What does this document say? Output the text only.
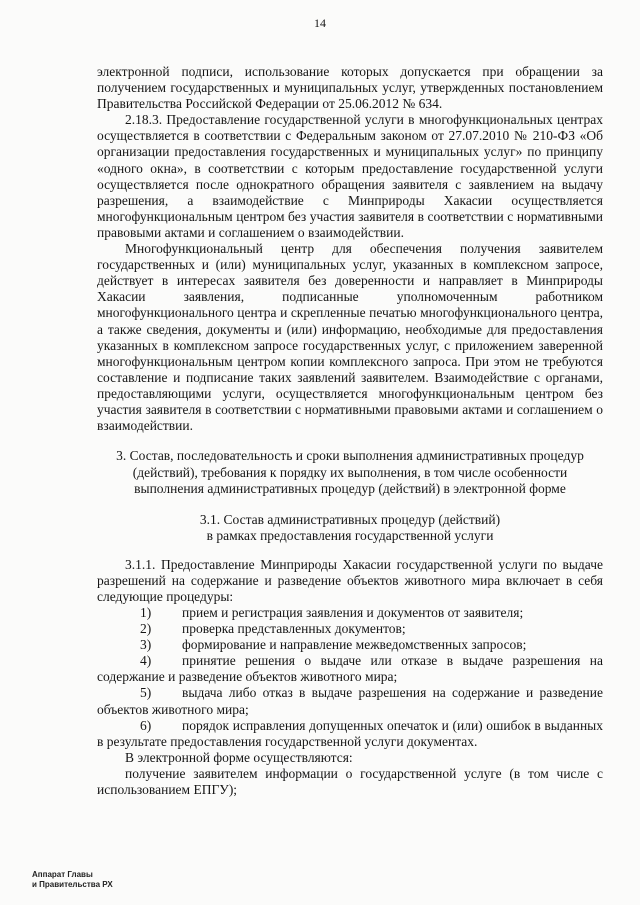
14

электронной подписи, использование которых допускается при обращении за получением государственных и муниципальных услуг, утвержденных постановлением Правительства Российской Федерации от 25.06.2012 № 634.

2.18.3. Предоставление государственной услуги в многофункциональных центрах осуществляется в соответствии с Федеральным законом от 27.07.2010 № 210-ФЗ «Об организации предоставления государственных и муниципальных услуг» по принципу «одного окна», в соответствии с которым предоставление государственной услуги осуществляется после однократного обращения заявителя с заявлением на выдачу разрешения, а взаимодействие с Минприроды Хакасии осуществляется многофункциональным центром без участия заявителя в соответствии с нормативными правовыми актами и соглашением о взаимодействии.

Многофункциональный центр для обеспечения получения заявителем государственных и (или) муниципальных услуг, указанных в комплексном запросе, действует в интересах заявителя без доверенности и направляет в Минприроды Хакасии заявления, подписанные уполномоченным работником многофункционального центра и скрепленные печатью многофункционального центра, а также сведения, документы и (или) информацию, необходимые для предоставления указанных в комплексном запросе государственных услуг, с приложением заверенной многофункциональным центром копии комплексного запроса. При этом не требуются составление и подписание таких заявлений заявителем. Взаимодействие с органами, предоставляющими услуги, осуществляется многофункциональным центром без участия заявителя в соответствии с нормативными правовыми актами и соглашением о взаимодействии.

3. Состав, последовательность и сроки выполнения административных процедур
(действий), требования к порядку их выполнения, в том числе особенности
выполнения административных процедур (действий) в электронной форме
3.1. Состав административных процедур (действий)
в рамках предоставления государственной услуги

3.1.1. Предоставление Минприроды Хакасии государственной услуги по выдаче разрешений на содержание и разведение объектов животного мира включает в себя следующие процедуры:

1) прием и регистрация заявления и документов от заявителя;
2) проверка представленных документов;
3) формирование и направление межведомственных запросов;
4) принятие решения о выдаче или отказе в выдаче разрешения на содержание и разведение объектов животного мира;
5) выдача либо отказ в выдаче разрешения на содержание и разведение объектов животного мира;
6) порядок исправления допущенных опечаток и (или) ошибок в выданных в результате предоставления государственной услуги документах.

В электронной форме осуществляются:

получение заявителем информации о государственной услуге (в том числе с использованием ЕПГУ);

Аппарат Главы
и Правительства РХ
